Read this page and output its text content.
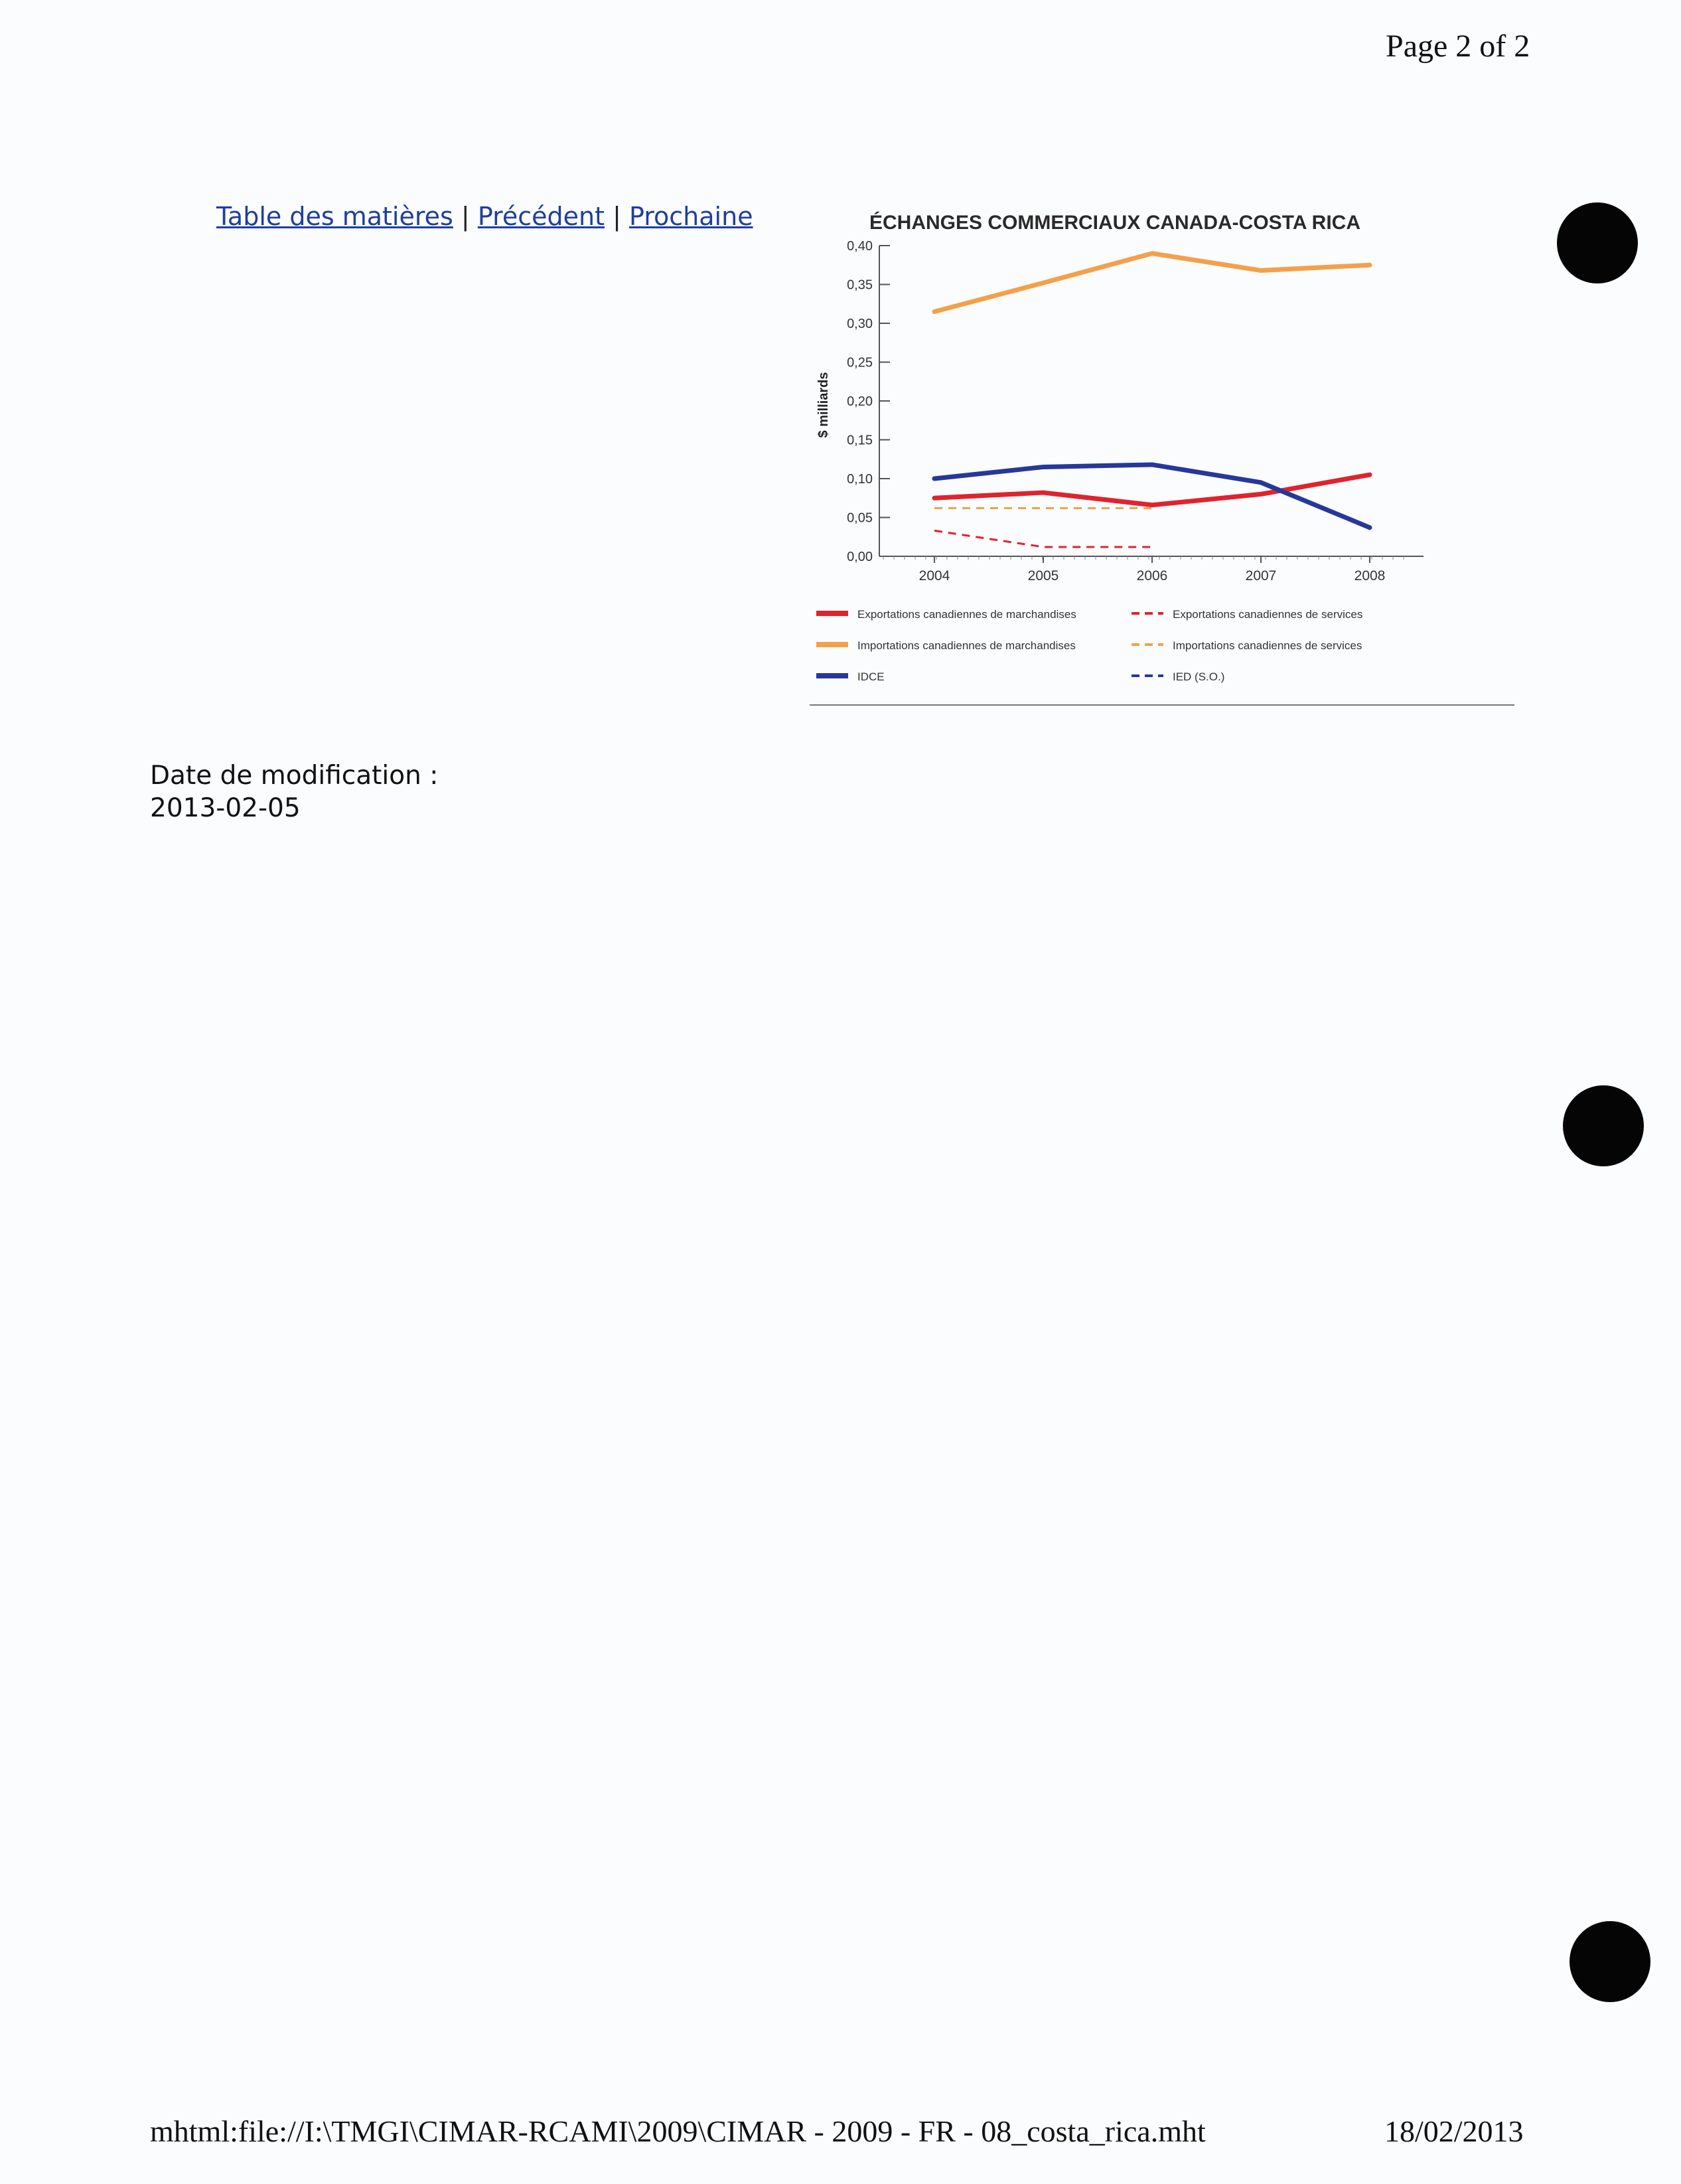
Page 2 of 2
Table des matières | Précédent | Prochaine	ÉCHANGES COMMERCIAUX CANADA-COSTA RICA
$ milliards
0,00
0,05
0,10
0,15
0,20
0,25
0,30
0,35
0,40
2004	2005	2006	2007	2008
Exportations canadiennes de marchandises	Exportations canadiennes de services
Importations canadiennes de marchandises	Importations canadiennes de services
IDCE	IED (S.O.)
Date de modification :
2013-02-05
mhtml:file://I:\TMGI\CIMAR-RCAMI\2009\CIMAR - 2009 - FR - 08_costa_rica.mht	18/02/2013
